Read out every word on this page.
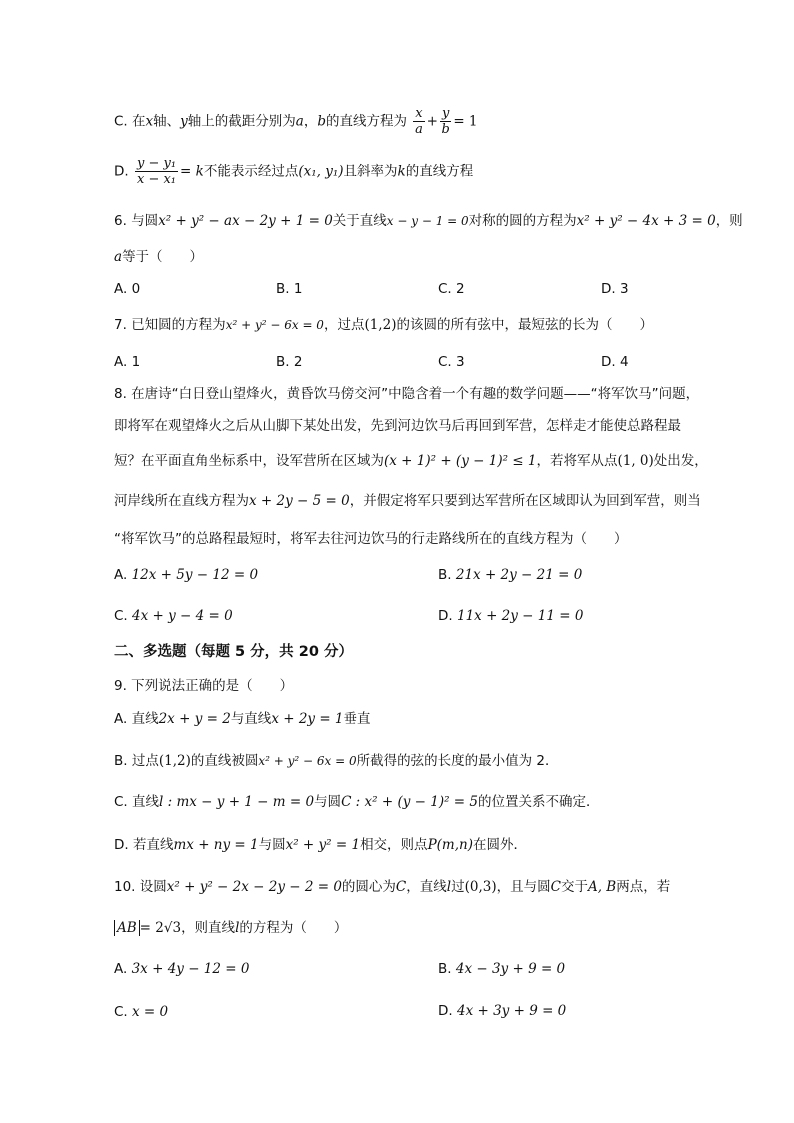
C. 在x轴、y轴上的截距分别为a，b的直线方程为 $\frac{x}{a} + \frac{y}{b} = 1$
D. $\frac{\text{y − y₁}}{\text{x − x₁}} = k$不能表示经过点(x₁, y₁)且斜率为k的直线方程
6. 与圆x² + y² − ax − 2y + 1 = 0关于直线x − y − 1 = 0对称的圆的方程为x² + y² − 4x + 3 = 0，则
a等于（　　）
A. 0	B. 1	C. 2	D. 3
7. 已知圆的方程为x² + y² − 6x = 0，过点(1,2)的该圆的所有弦中，最短弦的长为（　　）
A. 1	B. 2	C. 3	D. 4
8. 在唐诗“白日登山望烽火，黄昏饮马傍交河”中隐含着一个有趣的数学问题——“将军饮马”问题，
即将军在观望烽火之后从山脚下某处出发，先到河边饮马后再回到军营，怎样走才能使总路程最
短？在平面直角坐标系中，设军营所在区域为(x + 1)² + (y − 1)² ≤ 1，若将军从点(1, 0)处出发，
河岸线所在直线方程为x + 2y − 5 = 0，并假定将军只要到达军营所在区域即认为回到军营，则当
“将军饮马”的总路程最短时，将军去往河边饮马的行走路线所在的直线方程为（　　）
A. 12x + 5y − 12 = 0	B. 21x + 2y − 21 = 0
C. 4x + y − 4 = 0	D. 11x + 2y − 11 = 0
二、多选题（每题 5 分，共 20 分）
9. 下列说法正确的是（　　）
A. 直线2x + y = 2与直线x + 2y = 1垂直
B. 过点(1,2)的直线被圆x² + y² − 6x = 0所截得的弦的长度的最小值为 2．
C. 直线l : mx − y + 1 − m = 0与圆C : x² + (y − 1)² = 5的位置关系不确定．
D. 若直线mx + ny = 1与圆x² + y² = 1相交，则点P(m,n)在圆外．
10. 设圆x² + y² − 2x − 2y − 2 = 0的圆心为C，直线l过(0,3)，且与圆C交于A, B两点，若
AB = 2√3，则直线l的方程为（　　）
A. 3x + 4y − 12 = 0	B. 4x − 3y + 9 = 0
C. x = 0	D. 4x + 3y + 9 = 0
